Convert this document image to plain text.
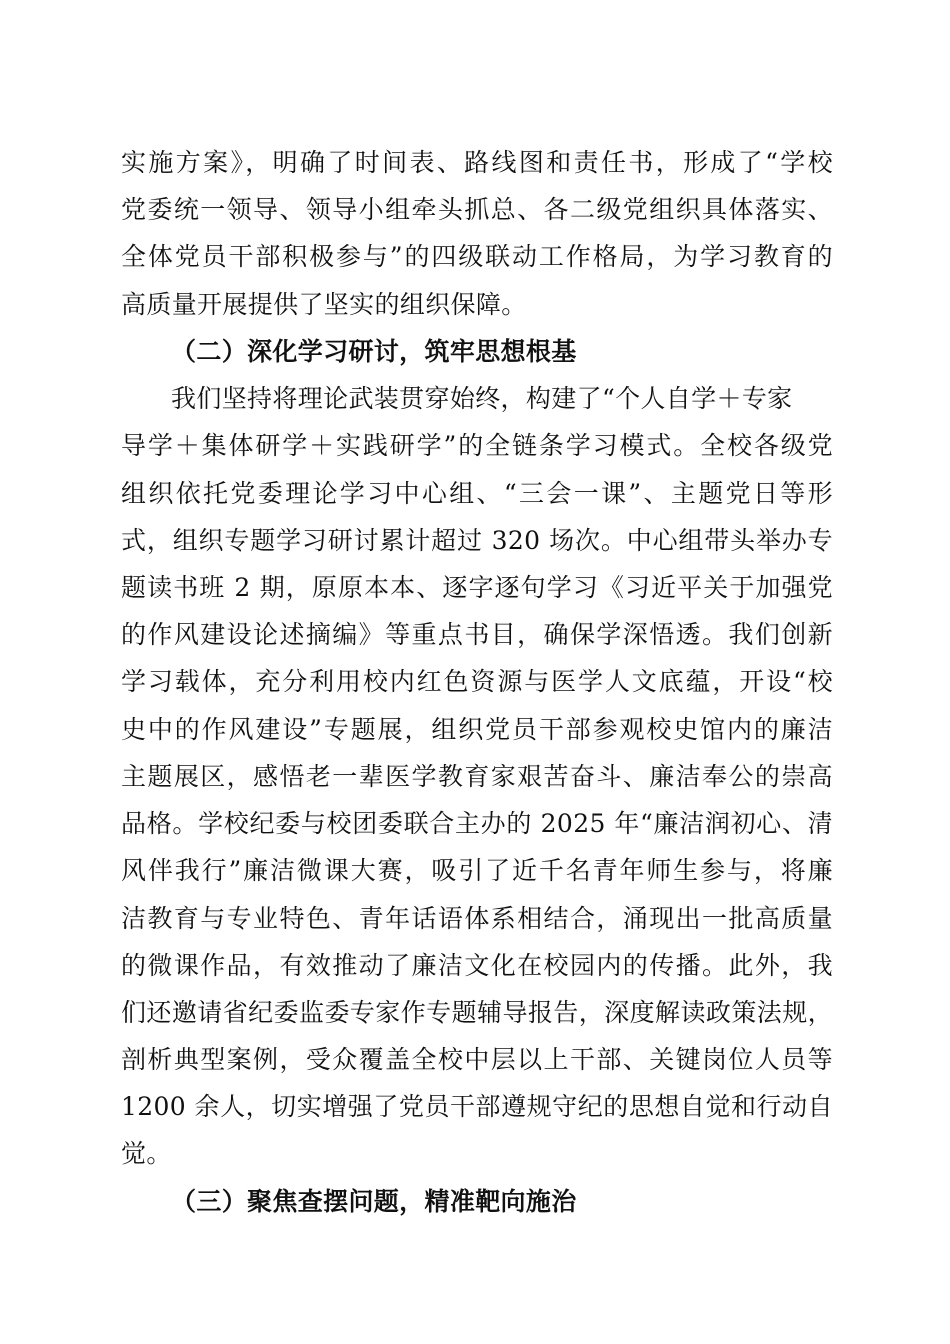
实施方案》，明确了时间表、路线图和责任书，形成了“学校
党委统一领导、领导小组牵头抓总、各二级党组织具体落实、
全体党员干部积极参与”的四级联动工作格局，为学习教育的
高质量开展提供了坚实的组织保障。
（二）深化学习研讨，筑牢思想根基
我们坚持将理论武装贯穿始终，构建了“个人自学＋专家
导学＋集体研学＋实践研学”的全链条学习模式。全校各级党
组织依托党委理论学习中心组、“三会一课”、主题党日等形
式，组织专题学习研讨累计超过 320 场次。中心组带头举办专
题读书班 2 期，原原本本、逐字逐句学习《习近平关于加强党
的作风建设论述摘编》等重点书目，确保学深悟透。我们创新
学习载体，充分利用校内红色资源与医学人文底蕴，开设“校
史中的作风建设”专题展，组织党员干部参观校史馆内的廉洁
主题展区，感悟老一辈医学教育家艰苦奋斗、廉洁奉公的崇高
品格。学校纪委与校团委联合主办的 2025 年“廉洁润初心、清
风伴我行”廉洁微课大赛，吸引了近千名青年师生参与，将廉
洁教育与专业特色、青年话语体系相结合，涌现出一批高质量
的微课作品，有效推动了廉洁文化在校园内的传播。此外，我
们还邀请省纪委监委专家作专题辅导报告，深度解读政策法规，
剖析典型案例，受众覆盖全校中层以上干部、关键岗位人员等
1200 余人，切实增强了党员干部遵规守纪的思想自觉和行动自
觉。
（三）聚焦查摆问题，精准靶向施治
